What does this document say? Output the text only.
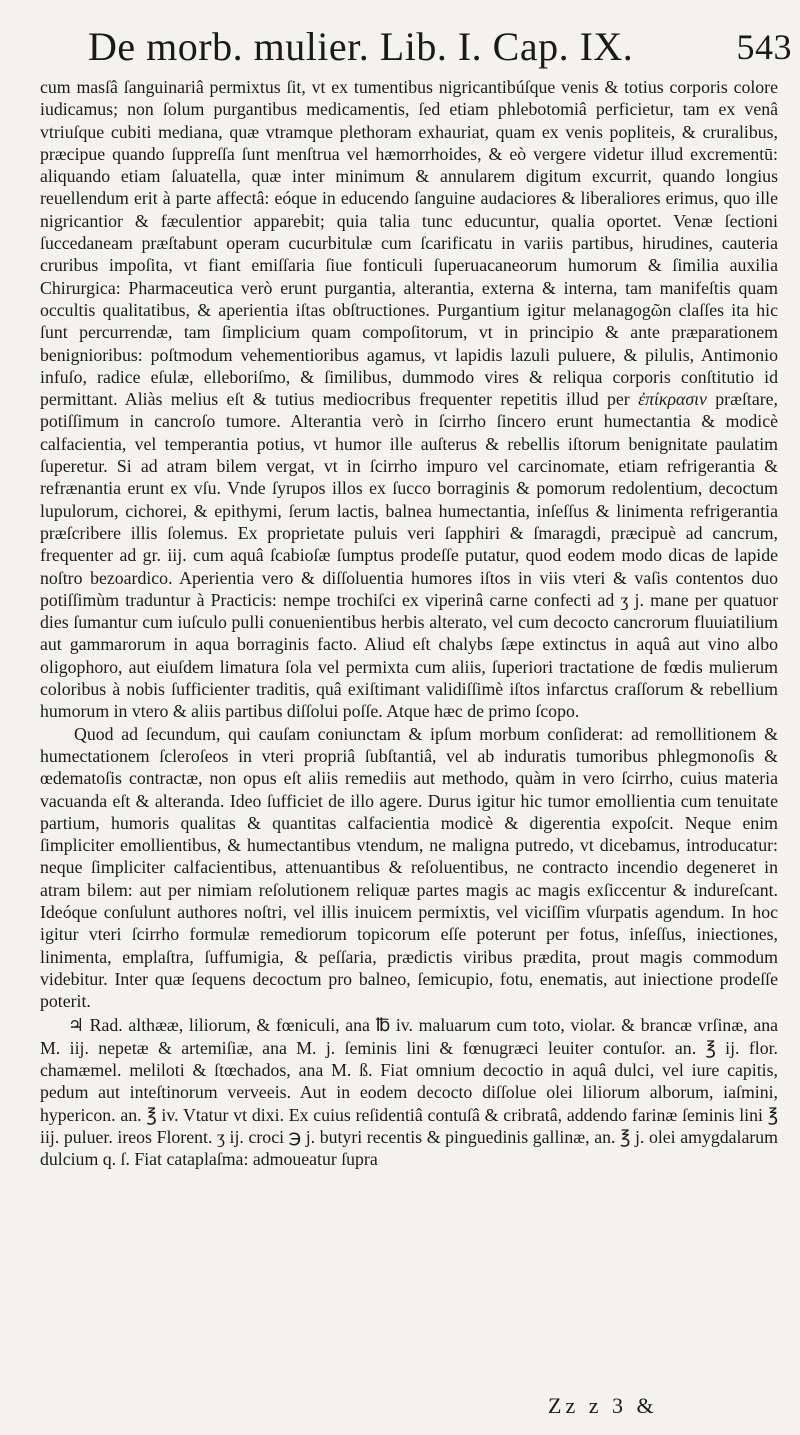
De morb. mulier. Lib. I. Cap. IX.	543

cum masſâ ſanguinariâ permixtus ſit, vt ex tumentibus nigricantibúſque venis & totius corporis colore iudicamus; non ſolum purgantibus medicamentis, ſed etiam phlebotomiâ perficietur, tam ex venâ vtriuſque cubiti mediana, quæ vtramque plethoram exhauriat, quam ex venis popliteis, & cruralibus, præcipue quando ſuppreſſa ſunt menſtrua vel hæmorrhoides, & eò vergere videtur illud excrementū: aliquando etiam ſaluatella, quæ inter minimum & annularem digitum excurrit, quando longius reuellendum erit à parte affectâ: eóque in educendo ſanguine audaciores & liberaliores erimus, quo ille nigricantior & fæculentior apparebit; quia talia tunc educuntur, qualia oportet. Venæ ſectioni ſuccedaneam præſtabunt operam cucurbitulæ cum ſcarificatu in variis partibus, hirudines, cauteria cruribus impoſita, vt fiant emiſſaria ſiue fonticuli ſuperuacaneorum humorum & ſimilia auxilia Chirurgica: Pharmaceutica verò erunt purgantia, alterantia, externa & interna, tam manifeſtis quam occultis qualitatibus, & aperientia iſtas obſtructiones. Purgantium igitur melanagogῶn claſſes ita hic ſunt percurrendæ, tam ſimplicium quam compoſitorum, vt in principio & ante præparationem benignioribus: poſtmodum vehementioribus agamus, vt lapidis lazuli puluere, & pilulis, Antimonio infuſo, radice eſulæ, elleboriſmo, & ſimilibus, dummodo vires & reliqua corporis conſtitutio id permittant. Aliàs melius eſt & tutius mediocribus frequenter repetitis illud per ἐπίκρασιν præſtare, potiſſimum in cancroſo tumore. Alterantia verò in ſcirrho ſincero erunt humectantia & modicè calfacientia, vel temperantia potius, vt humor ille auſterus & rebellis iſtorum benignitate paulatim ſuperetur. Si ad atram bilem vergat, vt in ſcirrho impuro vel carcinomate, etiam refrigerantia & refrænantia erunt ex vſu. Vnde ſyrupos illos ex ſucco borraginis & pomorum redolentium, decoctum lupulorum, cichorei, & epithymi, ſerum lactis, balnea humectantia, inſeſſus & linimenta refrigerantia præſcribere illis ſolemus. Ex proprietate puluis veri ſapphiri & ſmaragdi, præcipuè ad cancrum, frequenter ad gr. iij. cum aquâ ſcabioſæ ſumptus prodeſſe putatur, quod eodem modo dicas de lapide noſtro bezoardico. Aperientia vero & diſſoluentia humores iſtos in viis vteri & vaſis contentos duo potiſſimùm traduntur à Practicis: nempe trochiſci ex viperinâ carne confecti ad ʒ j. mane per quatuor dies ſumantur cum iuſculo pulli conuenientibus herbis alterato, vel cum decocto cancrorum fluuiatilium aut gammarorum in aqua borraginis facto. Aliud eſt chalybs ſæpe extinctus in aquâ aut vino albo oligophoro, aut eiuſdem limatura ſola vel permixta cum aliis, ſuperiori tractatione de fœdis mulierum coloribus à nobis ſufficienter traditis, quâ exiſtimant validiſſimè iſtos infarctus craſſorum & rebellium humorum in vtero & aliis partibus diſſolui poſſe. Atque hæc de primo ſcopo.

Quod ad ſecundum, qui cauſam coniunctam & ipſum morbum conſiderat: ad remollitionem & humectationem ſcleroſeos in vteri propriâ ſubſtantiâ, vel ab induratis tumoribus phlegmonoſis & œdematoſis contractæ, non opus eſt aliis remediis aut methodo, quàm in vero ſcirrho, cuius materia vacuanda eſt & alteranda. Ideo ſufficiet de illo agere. Durus igitur hic tumor emollientia cum tenuitate partium, humoris qualitas & quantitas calfacientia modicè & digerentia expoſcit. Neque enim ſimpliciter emollientibus, & humectantibus vtendum, ne maligna putredo, vt dicebamus, introducatur: neque ſimpliciter calfacientibus, attenuantibus & reſoluentibus, ne contracto incendio degeneret in atram bilem: aut per nimiam reſolutionem reliquæ partes magis ac magis exſiccentur & indureſcant. Ideóque conſulunt authores noſtri, vel illis inuicem permixtis, vel viciſſim vſurpatis agendum. In hoc igitur vteri ſcirrho formulæ remediorum topicorum eſſe poterunt per fotus, inſeſſus, iniectiones, linimenta, emplaſtra, ſuffumigia, & peſſaria, prædictis viribus prædita, prout magis commodum videbitur. Inter quæ ſequens decoctum pro balneo, ſemicupio, fotu, enematis, aut iniectione prodeſſe poterit.

♃ Rad. althææ, liliorum, & fœniculi, ana ℔ iv. maluarum cum toto, violar. & brancæ vrſinæ, ana M. iij. nepetæ & artemiſiæ, ana M. j. ſeminis lini & fœnugræci leuiter contuſor. an. ℥ ij. flor. chamæmel. meliloti & ſtœchados, ana M. ß. Fiat omnium decoctio in aquâ dulci, vel iure capitis, pedum aut inteſtinorum verveeis. Aut in eodem decocto diſſolue olei liliorum alborum, iaſmini, hypericon. an. ℥ iv. Vtatur vt dixi. Ex cuius reſidentiâ contuſâ & cribratâ, addendo farinæ ſeminis lini ℥ iij. puluer. ireos Florent. ʒ ij. croci ℈ j. butyri recentis & pinguedinis gallinæ, an. ℥ j. olei amygdalarum dulcium q. ſ. Fiat cataplaſma: admoueatur ſupra

Zz z 3 &
